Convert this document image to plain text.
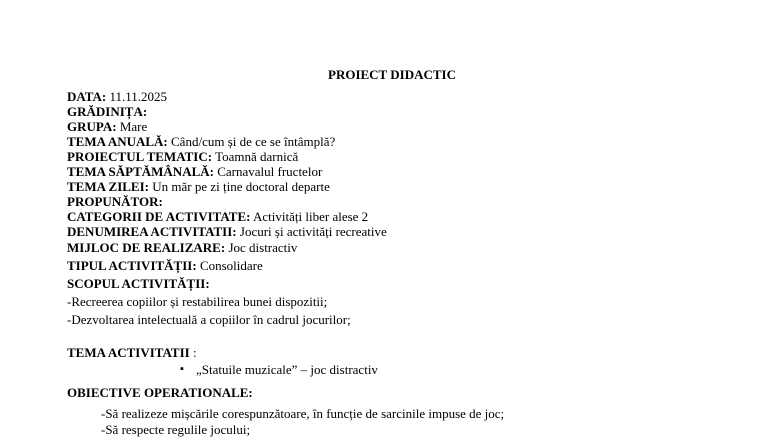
PROIECT DIDACTIC
DATA: 11.11.2025
GRĂDINIȚA:
GRUPA: Mare
TEMA ANUALĂ: Când/cum și de ce se întâmplă?
PROIECTUL TEMATIC: Toamnă darnică
TEMA SĂPTĂMÂNALĂ: Carnavalul fructelor
TEMA ZILEI: Un măr pe zi ține doctoral departe
PROPUNĂTOR:
CATEGORII DE ACTIVITATE: Activități liber alese 2
DENUMIREA ACTIVITATII: Jocuri și activități recreative
MIJLOC DE REALIZARE: Joc distractiv
TIPUL ACTIVITĂȚII: Consolidare
SCOPUL ACTIVITĂȚII:
-Recreerea copiilor și restabilirea bunei dispozitii;
-Dezvoltarea intelectuală a copiilor în cadrul jocurilor;
TEMA ACTIVITATII :
▪ „Statuile muzicale” – joc distractiv
OBIECTIVE OPERATIONALE:
-Să realizeze mișcările corespunzătoare, în funcție de sarcinile impuse de joc;
-Să respecte regulile jocului;
